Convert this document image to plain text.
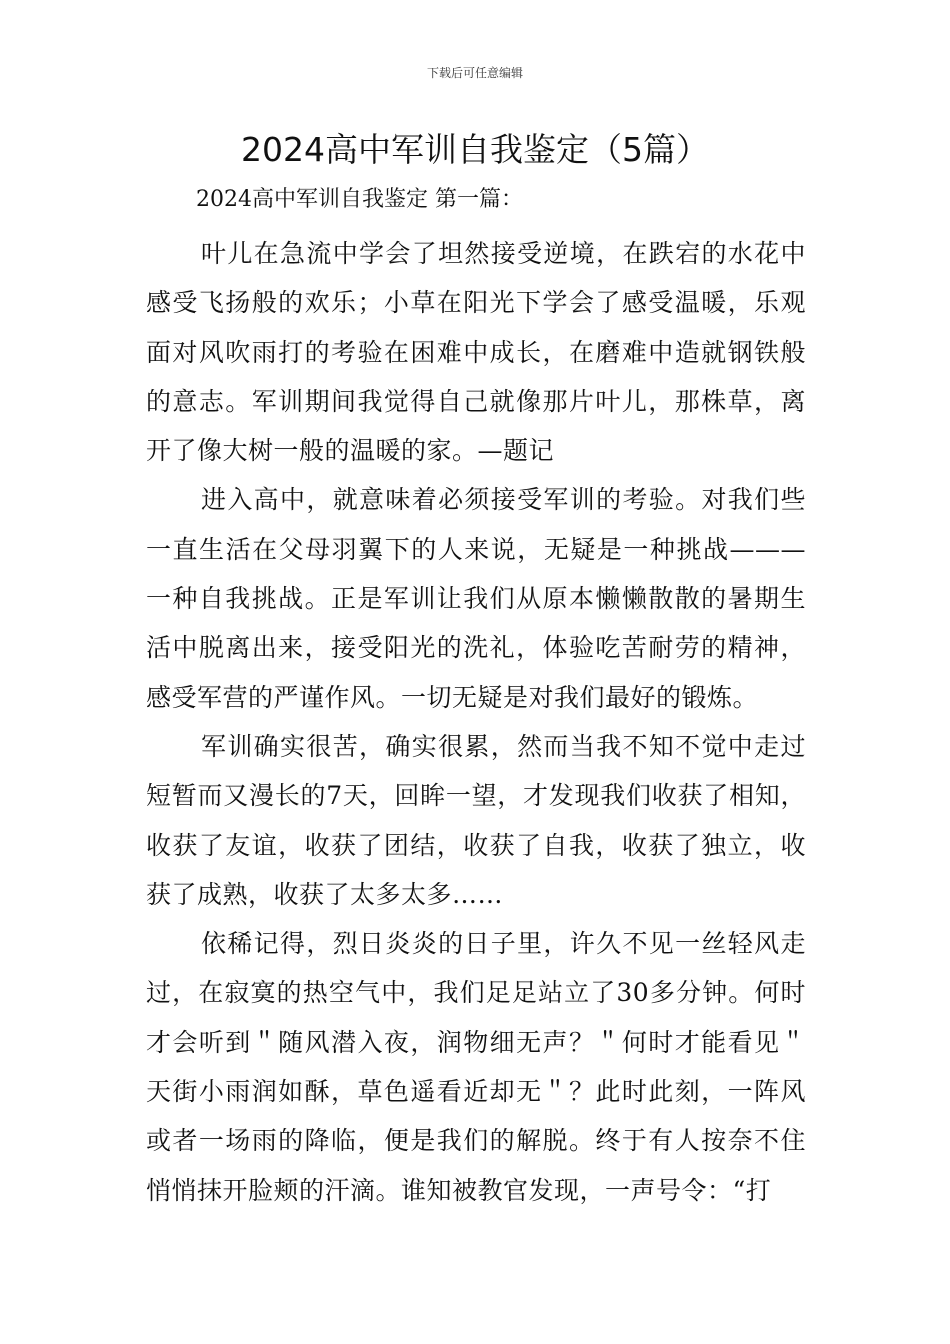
下载后可任意编辑
2024高中军训自我鉴定（5篇）
2024高中军训自我鉴定 第一篇：

叶儿在急流中学会了坦然接受逆境，在跌宕的水花中感受飞扬般的欢乐；小草在阳光下学会了感受温暖，乐观面对风吹雨打的考验在困难中成长，在磨难中造就钢铁般的意志。军训期间我觉得自己就像那片叶儿，那株草，离开了像大树一般的温暖的家。—题记

进入高中，就意味着必须接受军训的考验。对我们些一直生活在父母羽翼下的人来说，无疑是一种挑战———一种自我挑战。正是军训让我们从原本懒懒散散的暑期生活中脱离出来，接受阳光的洗礼，体验吃苦耐劳的精神，感受军营的严谨作风。一切无疑是对我们最好的锻炼。

军训确实很苦，确实很累，然而当我不知不觉中走过短暂而又漫长的7天，回眸一望，才发现我们收获了相知，收获了友谊，收获了团结，收获了自我，收获了独立，收获了成熟，收获了太多太多……

依稀记得，烈日炎炎的日子里，许久不见一丝轻风走过，在寂寞的热空气中，我们足足站立了30多分钟。何时才会听到＂随风潜入夜，润物细无声？＂何时才能看见＂天街小雨润如酥，草色遥看近却无＂？此时此刻，一阵风或者一场雨的降临，便是我们的解脱。终于有人按奈不住悄悄抹开脸颊的汗滴。谁知被教官发现，一声号令：“打
